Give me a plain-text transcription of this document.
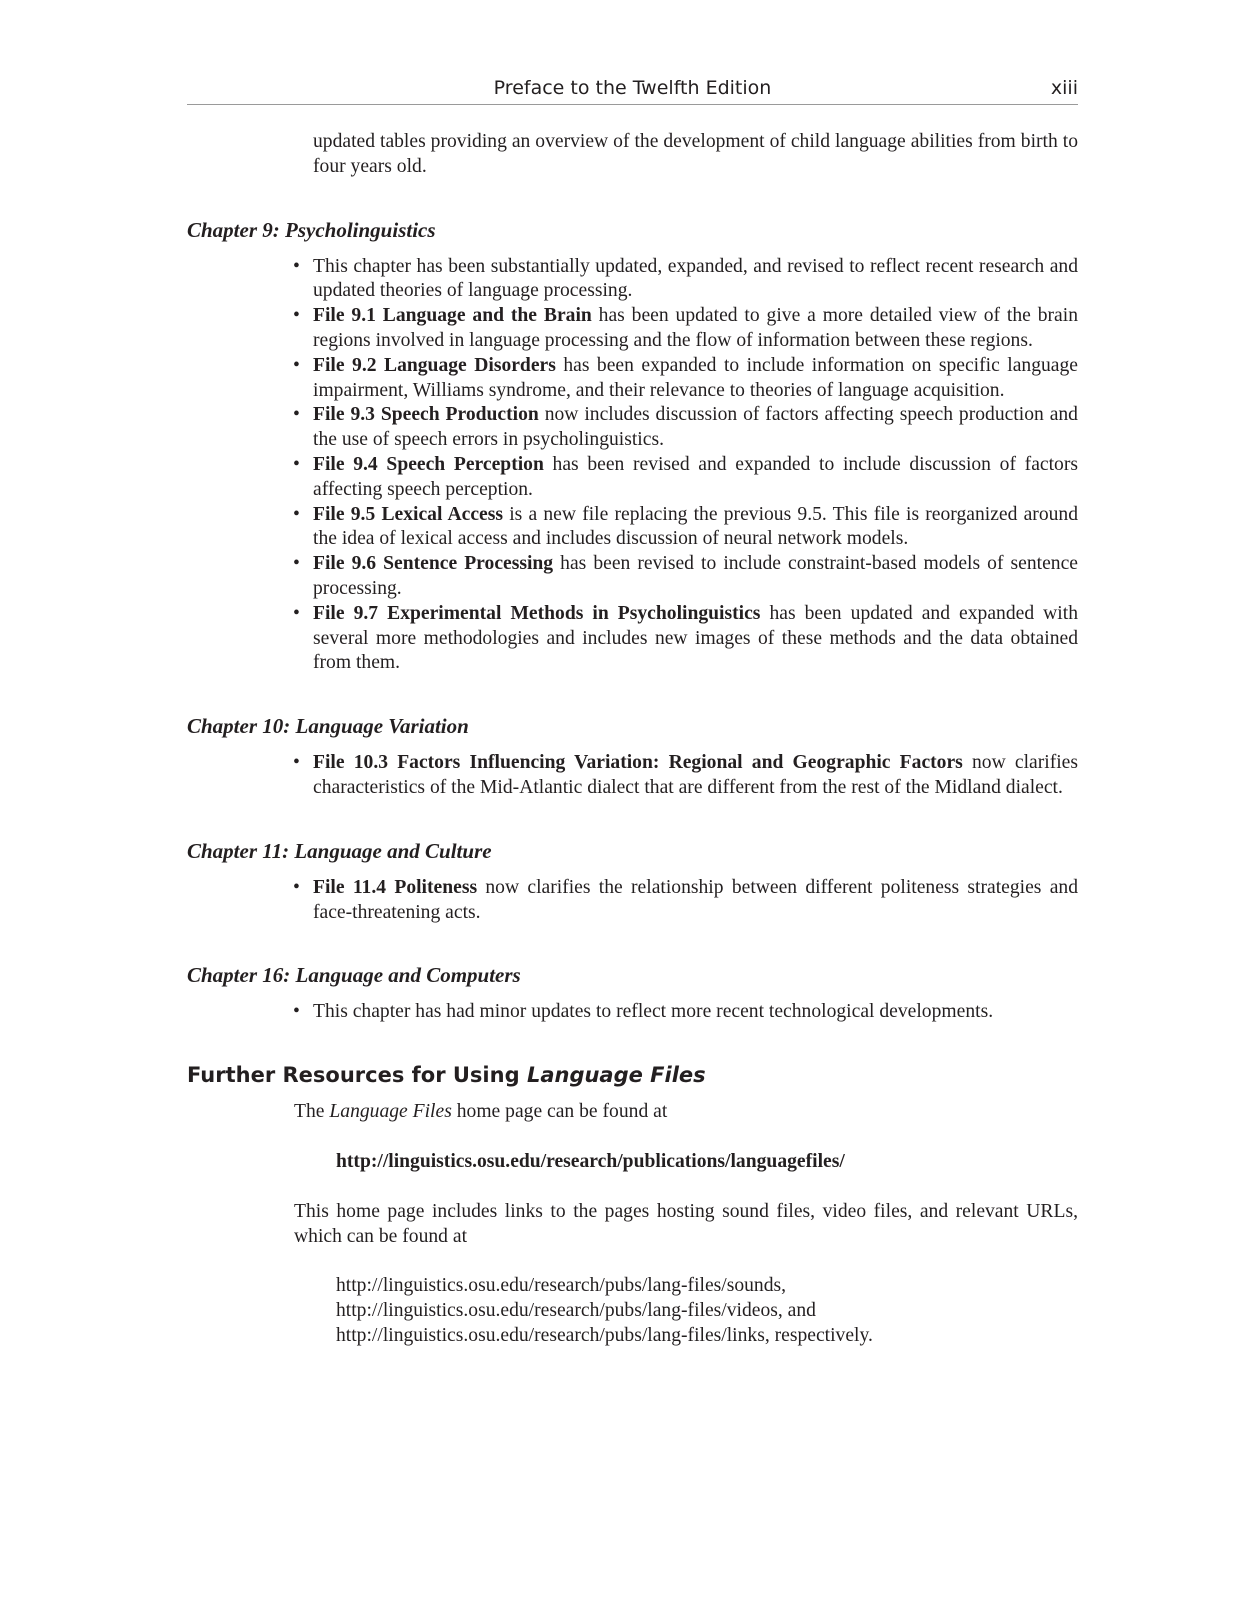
Preface to the Twelfth Edition	xiii

updated tables providing an overview of the development of child language abilities from birth to four years old.

Chapter 9: Psycholinguistics
• This chapter has been substantially updated, expanded, and revised to reflect recent research and updated theories of language processing.
• File 9.1 Language and the Brain has been updated to give a more detailed view of the brain regions involved in language processing and the flow of information between these regions.
• File 9.2 Language Disorders has been expanded to include information on specific language impairment, Williams syndrome, and their relevance to theories of language acquisition.
• File 9.3 Speech Production now includes discussion of factors affecting speech production and the use of speech errors in psycholinguistics.
• File 9.4 Speech Perception has been revised and expanded to include discussion of factors affecting speech perception.
• File 9.5 Lexical Access is a new file replacing the previous 9.5. This file is reorganized around the idea of lexical access and includes discussion of neural network models.
• File 9.6 Sentence Processing has been revised to include constraint-based models of sentence processing.
• File 9.7 Experimental Methods in Psycholinguistics has been updated and expanded with several more methodologies and includes new images of these methods and the data obtained from them.
Chapter 10: Language Variation
• File 10.3 Factors Influencing Variation: Regional and Geographic Factors now clarifies characteristics of the Mid-Atlantic dialect that are different from the rest of the Midland dialect.
Chapter 11: Language and Culture
• File 11.4 Politeness now clarifies the relationship between different politeness strategies and face-threatening acts.
Chapter 16: Language and Computers
• This chapter has had minor updates to reflect more recent technological developments.
Further Resources for Using Language Files

The Language Files home page can be found at

http://linguistics.osu.edu/research/publications/languagefiles/

This home page includes links to the pages hosting sound files, video files, and relevant URLs, which can be found at

http://linguistics.osu.edu/research/pubs/lang-files/sounds,
http://linguistics.osu.edu/research/pubs/lang-files/videos, and
http://linguistics.osu.edu/research/pubs/lang-files/links, respectively.
